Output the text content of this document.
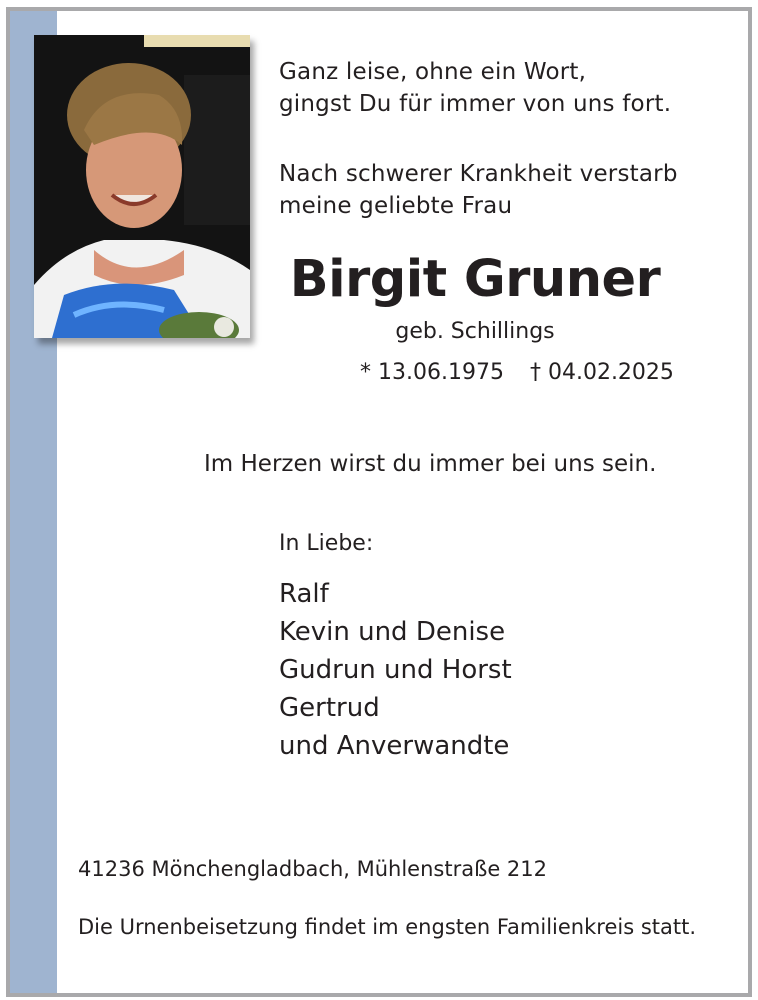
Ganz leise, ohne ein Wort,
gingst Du für immer von uns fort.
Nach schwerer Krankheit verstarb
meine geliebte Frau
Birgit Gruner
geb. Schillings
* 13.06.1975 † 04.02.2025
Im Herzen wirst du immer bei uns sein.
In Liebe:
Ralf
Kevin und Denise
Gudrun und Horst
Gertrud
und Anverwandte
41236 Mönchengladbach, Mühlenstraße 212
Die Urnenbeisetzung findet im engsten Familienkreis statt.
